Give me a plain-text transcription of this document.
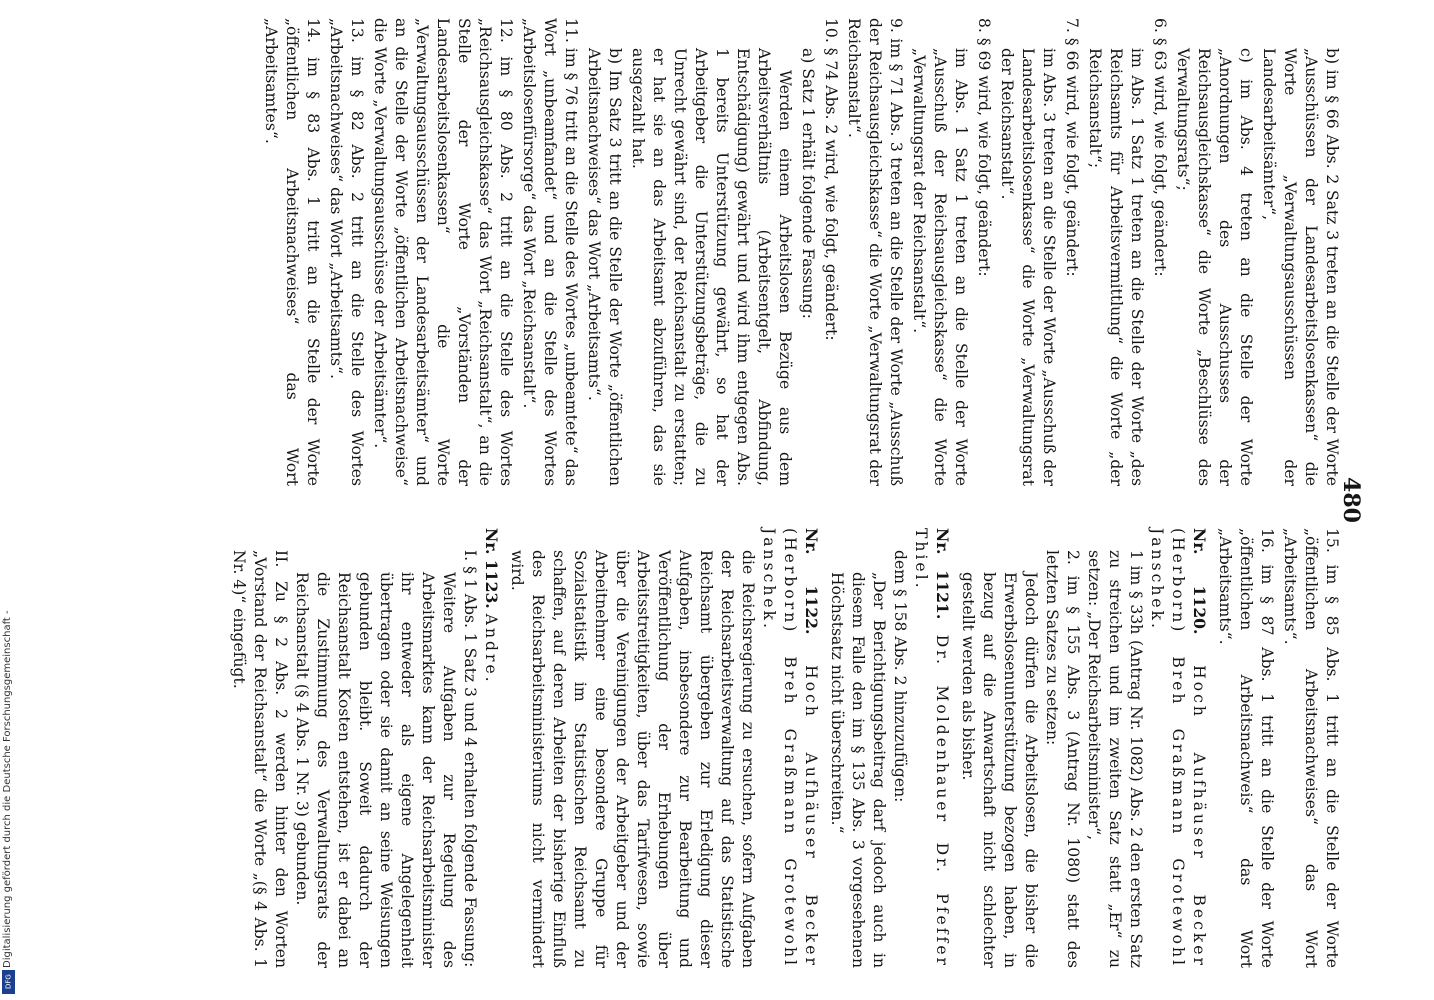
480
b) im § 66 Abs. 2 Satz 3 treten an die Stelle der Worte „Ausschüssen der Landesarbeitslosenkassen“ die Worte „Verwaltungsausschüssen der Landesarbeitsämter“,
c) im Abs. 4 treten an die Stelle der Worte „Anordnungen des Ausschusses der Reichsausgleichskasse“ die Worte „Beschlüsse des Verwaltungsrats“;
6. § 63 wird, wie folgt, geändert:
im Abs. 1 Satz 1 treten an die Stelle der Worte „des Reichsamts für Arbeitsvermittlung“ die Worte „der Reichsanstalt“;
7. § 66 wird, wie folgt, geändert:
im Abs. 3 treten an die Stelle der Worte „Ausschuß der Landesarbeitslosenkasse“ die Worte „Verwaltungsrat der Reichsanstalt“.
8. § 69 wird, wie folgt, geändert:
im Abs. 1 Satz 1 treten an die Stelle der Worte „Ausschuß der Reichsausgleichskasse“ die Worte „Verwaltungsrat der Reichsanstalt“.
9. im § 71 Abs. 3 treten an die Stelle der Worte „Ausschuß der Reichsausgleichskasse“ die Worte „Verwaltungsrat der Reichsanstalt“.
10. § 74 Abs. 2 wird, wie folgt, geändert:
a) Satz 1 erhält folgende Fassung:
Werden einem Arbeitslosen Bezüge aus dem Arbeitsverhältnis (Arbeitsentgelt, Abfindung, Entschädigung) gewährt und wird ihm entgegen Abs. 1 bereits Unterstützung gewährt, so hat der Arbeitgeber die Unterstützungsbeträge, die zu Unrecht gewährt sind, der Reichsanstalt zu erstatten; er hat sie an das Arbeitsamt abzuführen, das sie ausgezahlt hat.
b) Im Satz 3 tritt an die Stelle der Worte „öffentlichen Arbeitsnachweises“ das Wort „Arbeitsamts“.
11. im § 76 tritt an die Stelle des Wortes „unbeamtete“ das Wort „unbeamfandet“ und an die Stelle des Wortes „Arbeitslosenfürsorge“ das Wort „Reichsanstalt“.
12. im § 80 Abs. 2 tritt an die Stelle des Wortes „Reichsausgleichskasse“ das Wort „Reichsanstalt“, an die Stelle der Worte „Vorständen der Landesarbeitslosenkassen“ die Worte „Verwaltungsausschüssen der Landesarbeitsämter“ und an die Stelle der Worte „öffentlichen Arbeitsnachweise“ die Worte „Verwaltungsausschüsse der Arbeitsämter“.
13. im § 82 Abs. 2 tritt an die Stelle des Wortes „Arbeitsnachweises“ das Wort „Arbeitsamts“.
14. im § 83 Abs. 1 tritt an die Stelle der Worte „öffentlichen Arbeitsnachweises“ das Wort „Arbeitsamtes“.
15. im § 85 Abs. 1 tritt an die Stelle der Worte „öffentlichen Arbeitsnachweises“ das Wort „Arbeitsamts“.
16. im § 87 Abs. 1 tritt an die Stelle der Worte „öffentlichen Arbeitsnachweis“ das Wort „Arbeitsamts“.
Nr. 1120. Hoch Aufhäuser Becker (Herborn) Breh Graßmann Grotewohl Janschek.
1 im § 33h (Antrag Nr. 1082) Abs. 2 den ersten Satz zu streichen und im zweiten Satz statt „Er“ zu setzen: „Der Reichsarbeitsminister“,
2. im § 155 Abs. 3 (Antrag Nr. 1080) statt des letzten Satzes zu setzen:
Jedoch dürfen die Arbeitslosen, die bisher die Erwerbslosenunterstützung bezogen haben, in bezug auf die Anwartschaft nicht schlechter gestellt werden als bisher.
Nr. 1121. Dr. Moldenhauer Dr. Pfeffer Thiel.
dem § 158 Abs. 2 hinzuzufügen:
„Der Berichtigungsbeitrag darf jedoch auch in diesem Falle den im § 135 Abs. 3 vorgesehenen Höchstsatz nicht überschreiten.“
Nr. 1122. Hoch Aufhäuser Becker (Herborn) Breh Graßmann Grotewohl Janschek.
die Reichsregierung zu ersuchen, sofern Aufgaben der Reichsarbeitsverwaltung auf das Statistische Reichsamt übergeben zur Erledigung dieser Aufgaben, insbesondere zur Bearbeitung und Veröffentlichung der Erhebungen über Arbeitsstreitigkeiten, über das Tarifwesen, sowie über die Vereinigungen der Arbeitgeber und der Arbeitnehmer eine besondere Gruppe für Sozialstatistik im Statistischen Reichsamt zu schaffen, auf deren Arbeiten der bisherige Einfluß des Reichsarbeitsministeriums nicht vermindert wird.
Nr. 1123. Andre.
I. § 1 Abs. 1 Satz 3 und 4 erhalten folgende Fassung:
Weitere Aufgaben zur Regelung des Arbeitsmarktes kann der Reichsarbeitsminister ihr entweder als eigene Angelegenheit übertragen oder sie damit an seine Weisungen gebunden bleibt. Soweit dadurch der Reichsanstalt Kosten entstehen, ist er dabei an die Zustimmung des Verwaltungsrats der Reichsanstalt (§ 4 Abs. 1 Nr. 3) gebunden.
II. Zu § 2 Abs. 2 werden hinter den Worten „Vorstand der Reichsanstalt“ die Worte „(§ 4 Abs. 1 Nr. 4)“ eingefügt.
Digitalisierung gefördert durch die Deutsche Forschungsgemeinschaft -
DFG
